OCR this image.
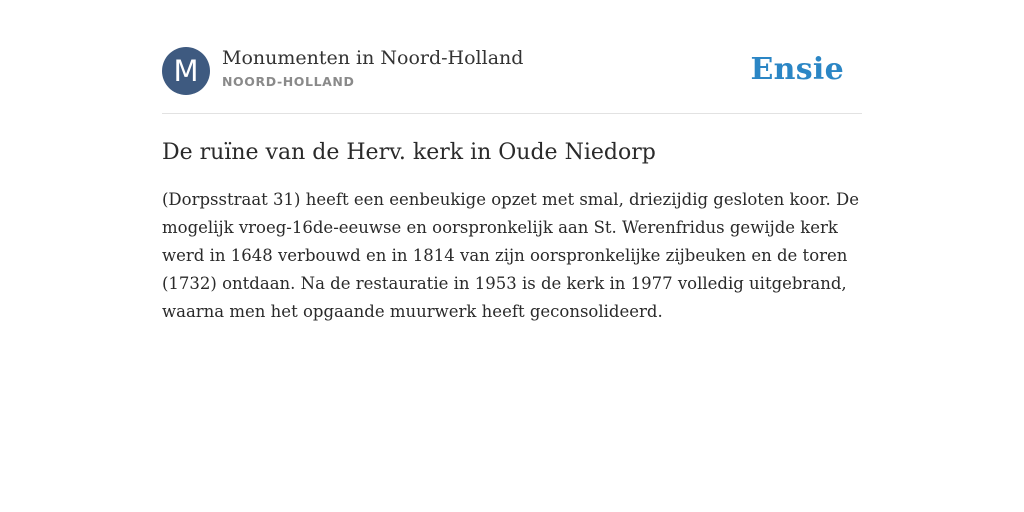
M	Monumenten in Noord-Holland
NOORD-HOLLAND	Ensie
De ruïne van de Herv. kerk in Oude Niedorp

(Dorpsstraat 31) heeft een eenbeukige opzet met smal, driezijdig gesloten koor. De mogelijk vroeg-16de-eeuwse en oorspronkelijk aan St. Werenfridus gewijde kerk werd in 1648 verbouwd en in 1814 van zijn oorspronkelijke zijbeuken en de toren (1732) ontdaan. Na de restauratie in 1953 is de kerk in 1977 volledig uitgebrand, waarna men het opgaande muurwerk heeft geconsolideerd.
